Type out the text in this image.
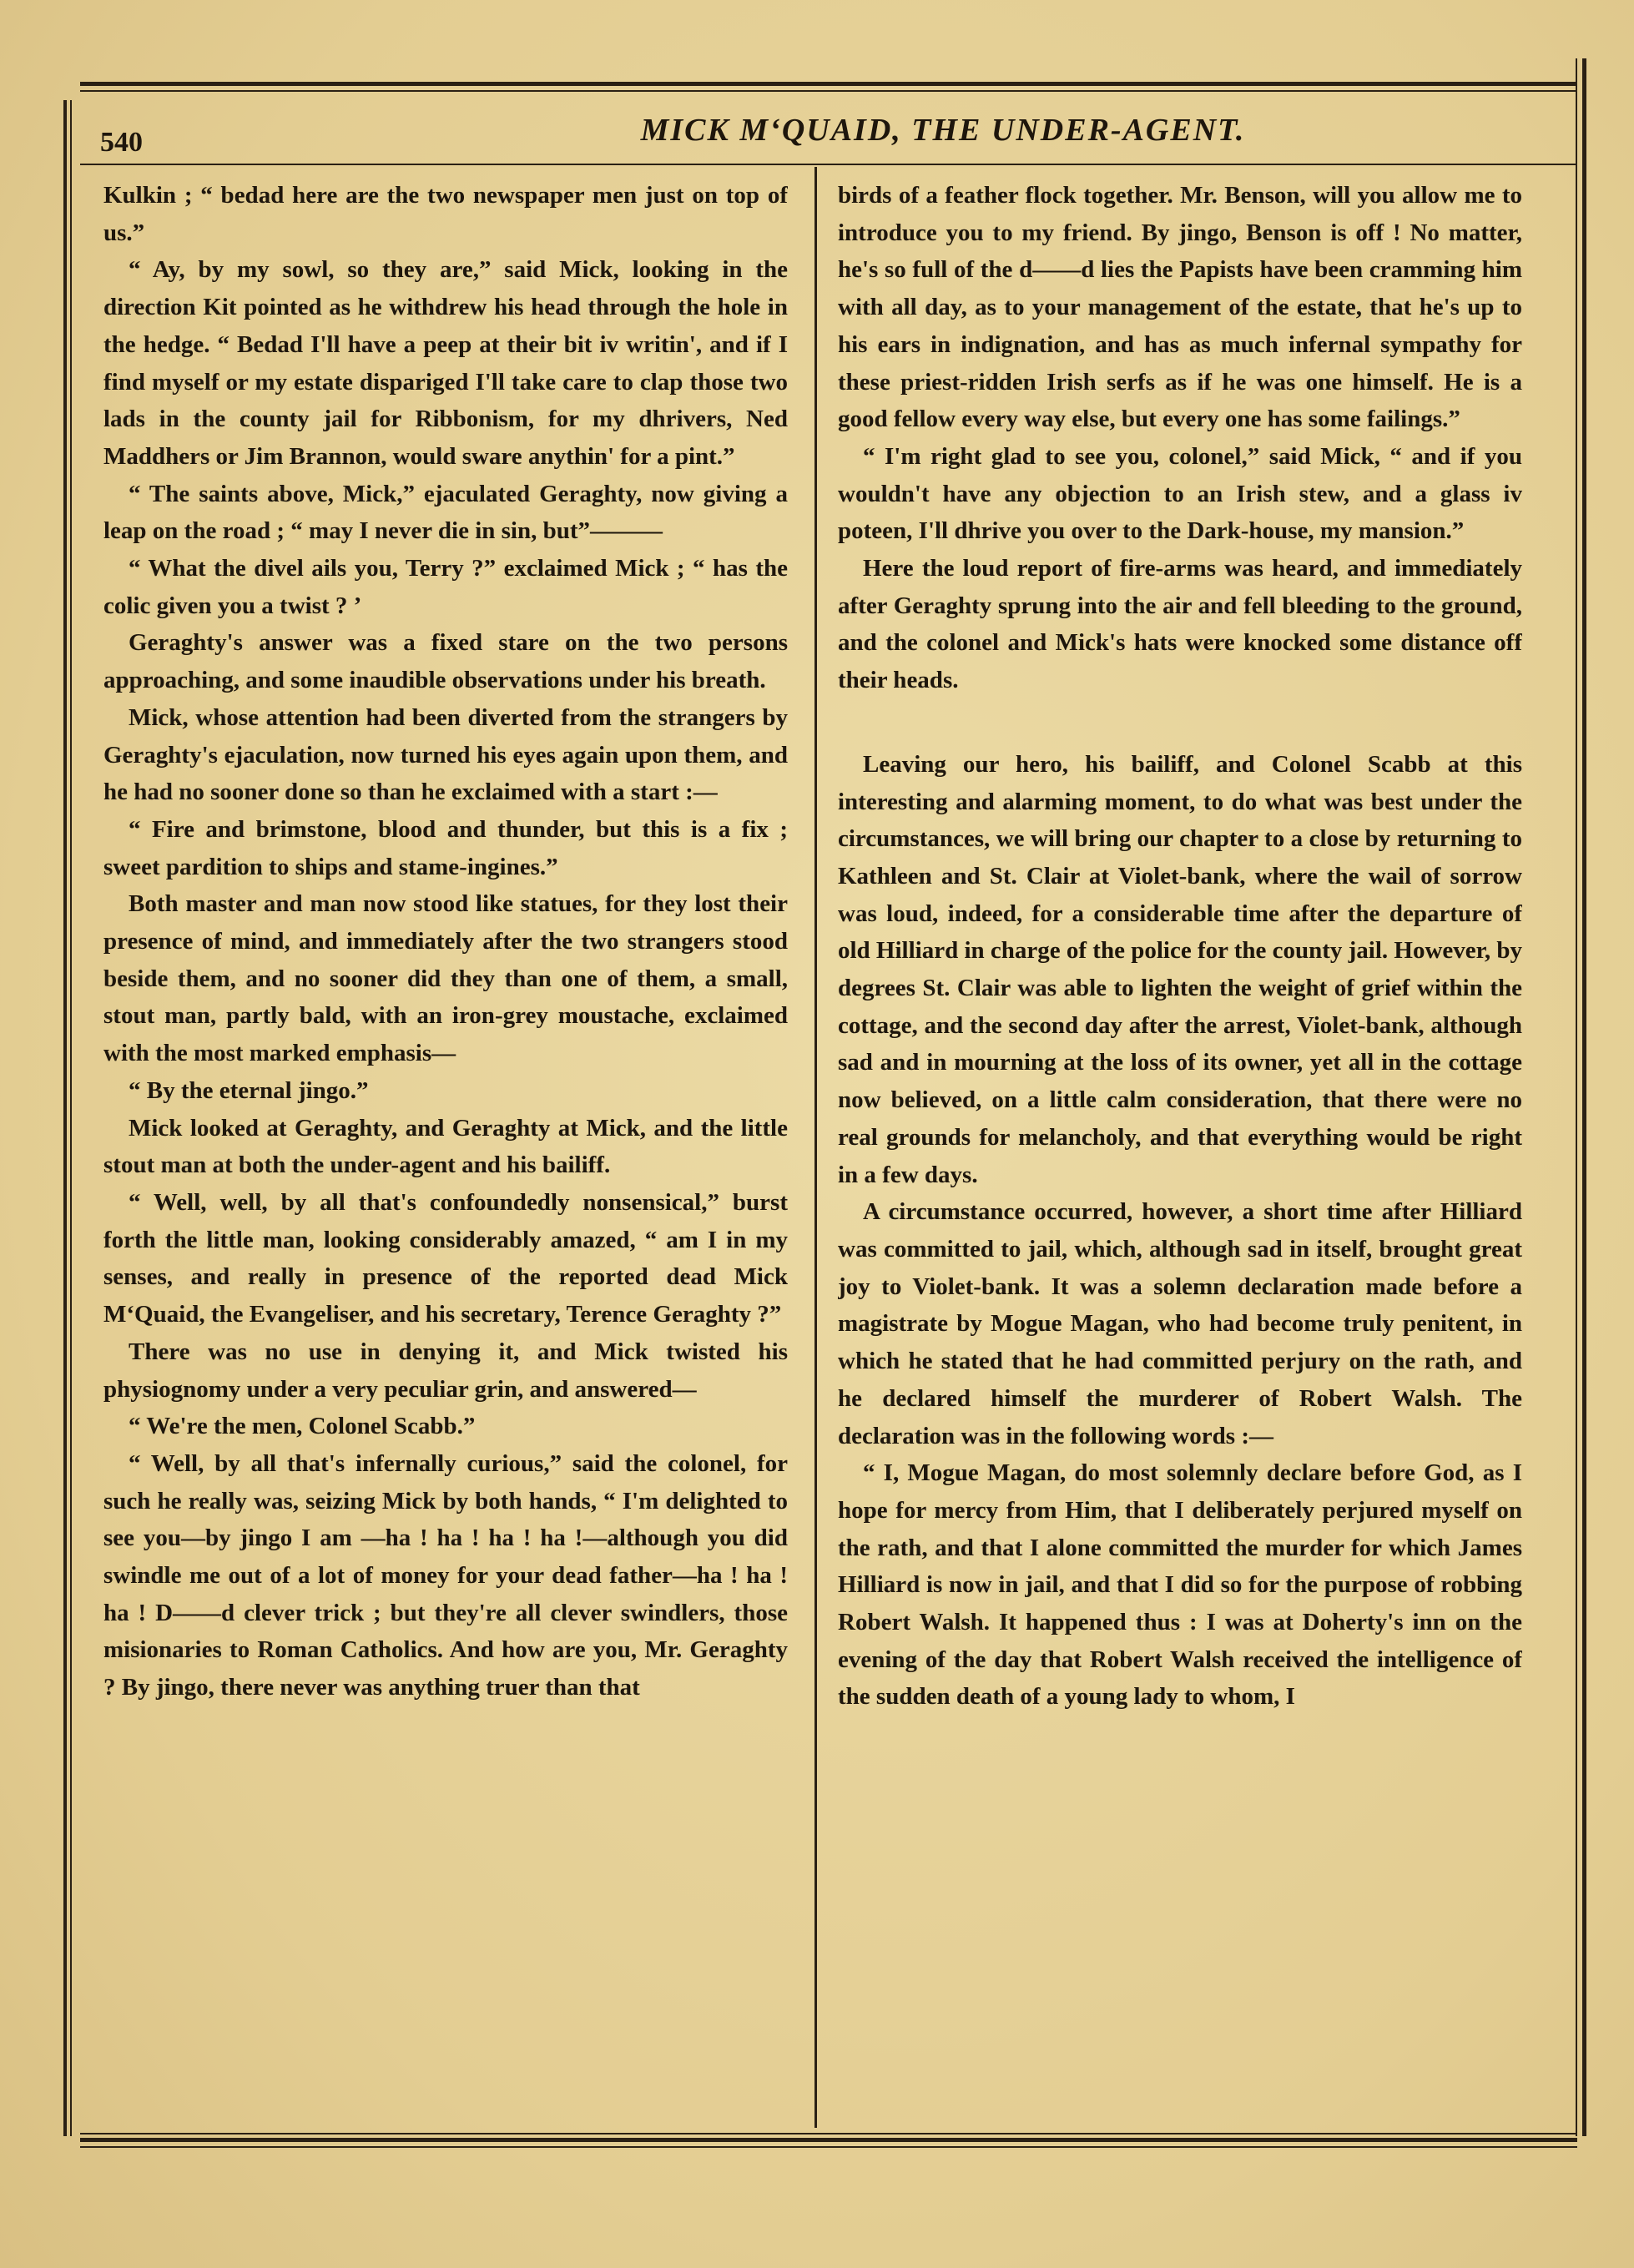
540	MICK M‘QUAID, THE UNDER-AGENT.

Kulkin ; “ bedad here are the two newspaper men just on top of us.”

“ Ay, by my sowl, so they are,” said Mick, looking in the direction Kit pointed as he withdrew his head through the hole in the hedge. “ Bedad I'll have a peep at their bit iv writin', and if I find myself or my estate dispariged I'll take care to clap those two lads in the county jail for Ribbonism, for my dhrivers, Ned Maddhers or Jim Brannon, would sware anythin' for a pint.”

“ The saints above, Mick,” ejaculated Geraghty, now giving a leap on the road ; “ may I never die in sin, but”———

“ What the divel ails you, Terry ?” exclaimed Mick ; “ has the colic given you a twist ? ’

Geraghty's answer was a fixed stare on the two persons approaching, and some inaudible observations under his breath.

Mick, whose attention had been diverted from the strangers by Geraghty's ejaculation, now turned his eyes again upon them, and he had no sooner done so than he exclaimed with a start :—

“ Fire and brimstone, blood and thunder, but this is a fix ; sweet pardition to ships and stame-ingines.”

Both master and man now stood like statues, for they lost their presence of mind, and immediately after the two strangers stood beside them, and no sooner did they than one of them, a small, stout man, partly bald, with an iron-grey moustache, exclaimed with the most marked emphasis—

“ By the eternal jingo.”

Mick looked at Geraghty, and Geraghty at Mick, and the little stout man at both the under-agent and his bailiff.

“ Well, well, by all that's confoundedly nonsensical,” burst forth the little man, looking considerably amazed, “ am I in my senses, and really in presence of the reported dead Mick M‘Quaid, the Evangeliser, and his secretary, Terence Geraghty ?”

There was no use in denying it, and Mick twisted his physiognomy under a very peculiar grin, and answered—

“ We're the men, Colonel Scabb.”

“ Well, by all that's infernally curious,” said the colonel, for such he really was, seizing Mick by both hands, “ I'm delighted to see you—by jingo I am —ha ! ha ! ha ! ha !—although you did swindle me out of a lot of money for your dead father—ha ! ha ! ha ! D——d clever trick ; but they're all clever swindlers, those misionaries to Roman Catholics. And how are you, Mr. Geraghty ? By jingo, there never was anything truer than that

birds of a feather flock together. Mr. Benson, will you allow me to introduce you to my friend. By jingo, Benson is off ! No matter, he's so full of the d——d lies the Papists have been cramming him with all day, as to your management of the estate, that he's up to his ears in indignation, and has as much infernal sympathy for these priest-ridden Irish serfs as if he was one himself. He is a good fellow every way else, but every one has some failings.”

“ I'm right glad to see you, colonel,” said Mick, “ and if you wouldn't have any objection to an Irish stew, and a glass iv poteen, I'll dhrive you over to the Dark-house, my mansion.”

Here the loud report of fire-arms was heard, and immediately after Geraghty sprung into the air and fell bleeding to the ground, and the colonel and Mick's hats were knocked some distance off their heads.

Leaving our hero, his bailiff, and Colonel Scabb at this interesting and alarming moment, to do what was best under the circumstances, we will bring our chapter to a close by returning to Kathleen and St. Clair at Violet-bank, where the wail of sorrow was loud, indeed, for a considerable time after the departure of old Hilliard in charge of the police for the county jail. However, by degrees St. Clair was able to lighten the weight of grief within the cottage, and the second day after the arrest, Violet-bank, although sad and in mourning at the loss of its owner, yet all in the cottage now believed, on a little calm consideration, that there were no real grounds for melancholy, and that everything would be right in a few days.

A circumstance occurred, however, a short time after Hilliard was committed to jail, which, although sad in itself, brought great joy to Violet-bank. It was a solemn declaration made before a magistrate by Mogue Magan, who had become truly penitent, in which he stated that he had committed perjury on the rath, and he declared himself the murderer of Robert Walsh. The declaration was in the following words :—

“ I, Mogue Magan, do most solemnly declare before God, as I hope for mercy from Him, that I deliberately perjured myself on the rath, and that I alone committed the murder for which James Hilliard is now in jail, and that I did so for the purpose of robbing Robert Walsh. It happened thus : I was at Doherty's inn on the evening of the day that Robert Walsh received the intelligence of the sudden death of a young lady to whom, I
